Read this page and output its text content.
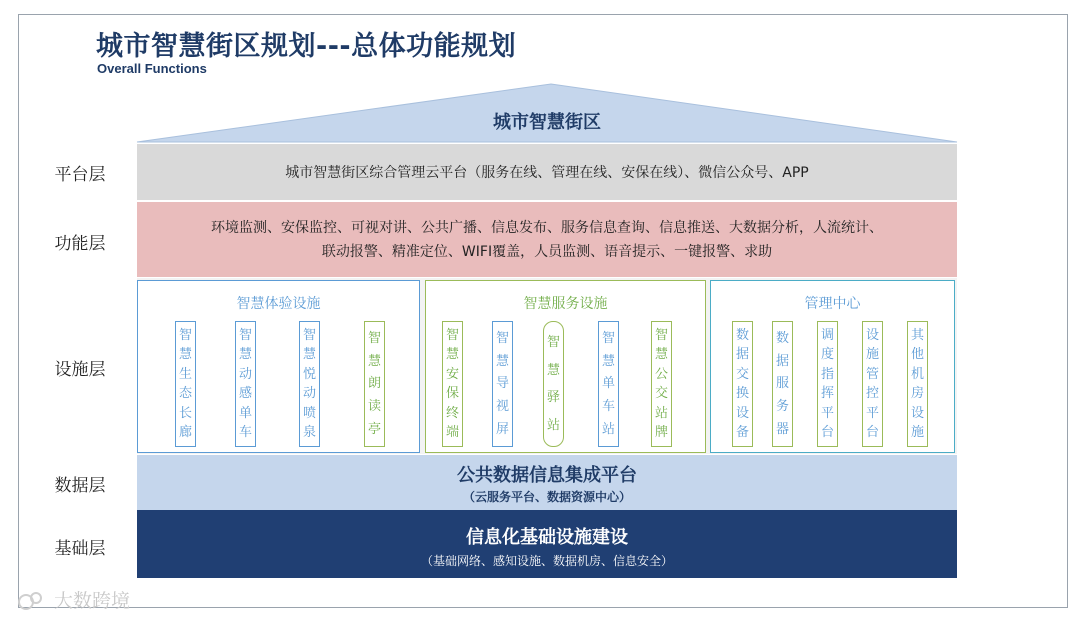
城市智慧街区规划---总体功能规划
Overall Functions
城市智慧街区
平台层
功能层
设施层
数据层
基础层
城市智慧街区综合管理云平台（服务在线、管理在线、安保在线）、微信公众号、APP
环境监测、安保监控、可视对讲、公共广播、信息发布、服务信息查询、信息推送、大数据分析，人流统计、
联动报警、精准定位、WIFI覆盖，人员监测、语音提示、一键报警、求助
智慧体验设施	智慧服务设施	管理中心
智
慧
生
态
长
廊
智
慧
动
感
单
车
智
慧
悦
动
喷
泉
智
慧
朗
读
亭
智
慧
安
保
终
端
智
慧
导
视
屏
智
慧
驿
站
智
慧
单
车
站
智
慧
公
交
站
牌
数
据
交
换
设
备
数
据
服
务
器
调
度
指
挥
平
台
设
施
管
控
平
台
其
他
机
房
设
施
公共数据信息集成平台
（云服务平台、数据资源中心）
信息化基础设施建设
（基础网络、感知设施、数据机房、信息安全）
大数跨境
